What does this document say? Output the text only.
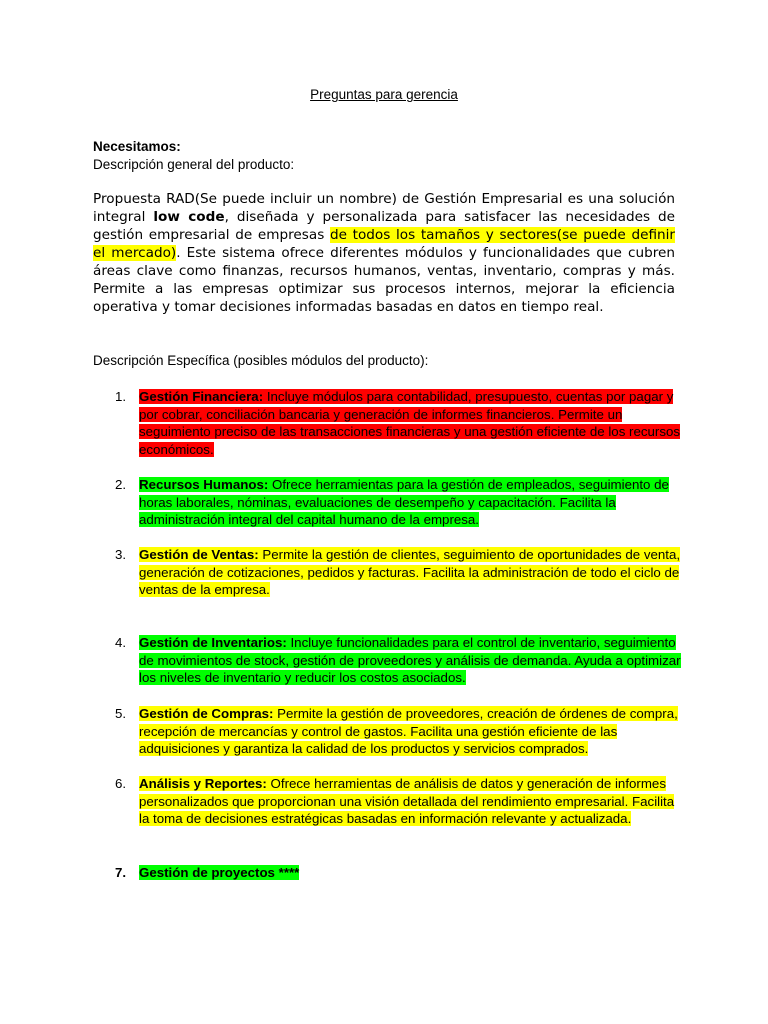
Preguntas para gerencia
Necesitamos:
Descripción general del producto:

Propuesta RAD(Se puede incluir un nombre) de Gestión Empresarial es una solución integral low code, diseñada y personalizada para satisfacer las necesidades de gestión empresarial de empresas de todos los tamaños y sectores(se puede definir el mercado). Este sistema ofrece diferentes módulos y funcionalidades que cubren áreas clave como finanzas, recursos humanos, ventas, inventario, compras y más. Permite a las empresas optimizar sus procesos internos, mejorar la eficiencia operativa y tomar decisiones informadas basadas en datos en tiempo real.

Descripción Específica (posibles módulos del producto):
1. Gestión Financiera: Incluye módulos para contabilidad, presupuesto, cuentas por pagar y por cobrar, conciliación bancaria y generación de informes financieros. Permite un seguimiento preciso de las transacciones financieras y una gestión eficiente de los recursos económicos.
2. Recursos Humanos: Ofrece herramientas para la gestión de empleados, seguimiento de horas laborales, nóminas, evaluaciones de desempeño y capacitación. Facilita la administración integral del capital humano de la empresa.
3. Gestión de Ventas: Permite la gestión de clientes, seguimiento de oportunidades de venta, generación de cotizaciones, pedidos y facturas. Facilita la administración de todo el ciclo de ventas de la empresa.
4. Gestión de Inventarios: Incluye funcionalidades para el control de inventario, seguimiento de movimientos de stock, gestión de proveedores y análisis de demanda. Ayuda a optimizar los niveles de inventario y reducir los costos asociados.
5. Gestión de Compras: Permite la gestión de proveedores, creación de órdenes de compra, recepción de mercancías y control de gastos. Facilita una gestión eficiente de las adquisiciones y garantiza la calidad de los productos y servicios comprados.
6. Análisis y Reportes: Ofrece herramientas de análisis de datos y generación de informes personalizados que proporcionan una visión detallada del rendimiento empresarial. Facilita la toma de decisiones estratégicas basadas en información relevante y actualizada.
7. Gestión de proyectos ****
